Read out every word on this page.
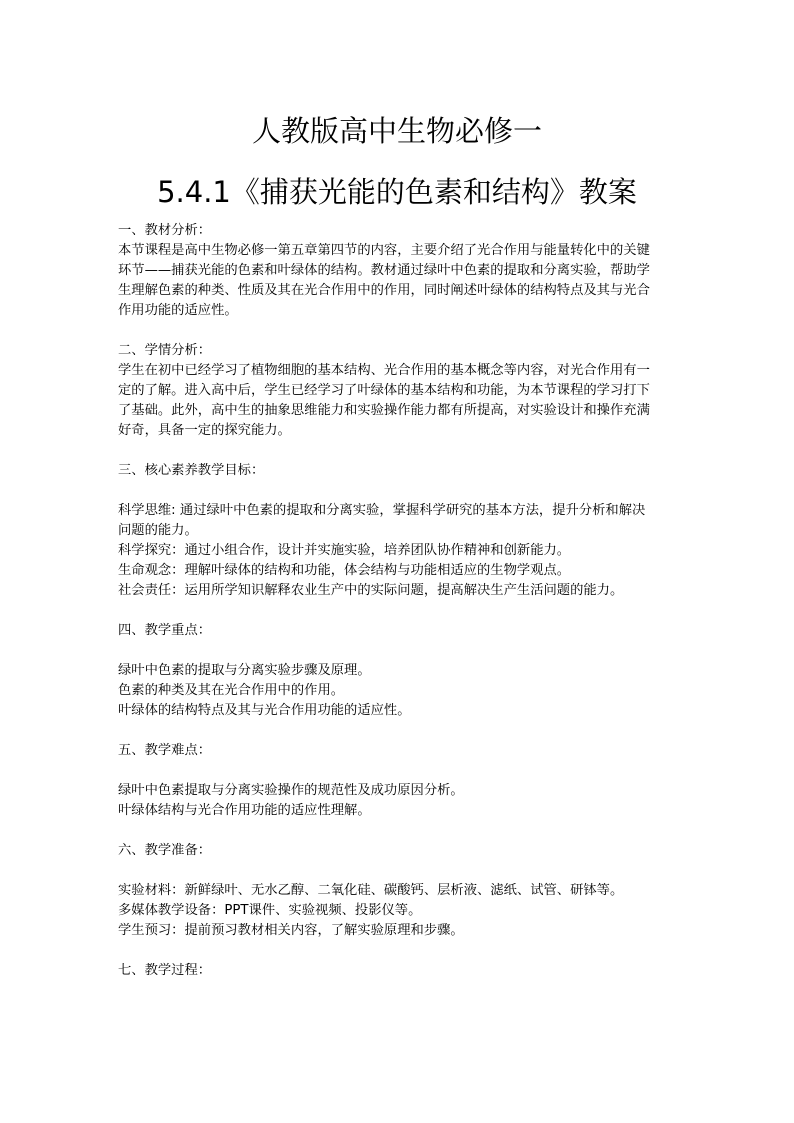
人教版高中生物必修一
5.4.1《捕获光能的色素和结构》教案
一、教材分析：
本节课程是高中生物必修一第五章第四节的内容，主要介绍了光合作用与能量转化中的关键
环节——捕获光能的色素和叶绿体的结构。教材通过绿叶中色素的提取和分离实验，帮助学
生理解色素的种类、性质及其在光合作用中的作用，同时阐述叶绿体的结构特点及其与光合
作用功能的适应性。
二、学情分析：
学生在初中已经学习了植物细胞的基本结构、光合作用的基本概念等内容，对光合作用有一
定的了解。进入高中后，学生已经学习了叶绿体的基本结构和功能，为本节课程的学习打下
了基础。此外，高中生的抽象思维能力和实验操作能力都有所提高，对实验设计和操作充满
好奇，具备一定的探究能力。
三、核心素养教学目标：
科学思维: 通过绿叶中色素的提取和分离实验，掌握科学研究的基本方法，提升分析和解决
问题的能力。
科学探究：通过小组合作，设计并实施实验，培养团队协作精神和创新能力。
生命观念：理解叶绿体的结构和功能，体会结构与功能相适应的生物学观点。
社会责任：运用所学知识解释农业生产中的实际问题，提高解决生产生活问题的能力。
四、教学重点：
绿叶中色素的提取与分离实验步骤及原理。
色素的种类及其在光合作用中的作用。
叶绿体的结构特点及其与光合作用功能的适应性。
五、教学难点：
绿叶中色素提取与分离实验操作的规范性及成功原因分析。
叶绿体结构与光合作用功能的适应性理解。
六、教学准备：
实验材料：新鲜绿叶、无水乙醇、二氧化硅、碳酸钙、层析液、滤纸、试管、研钵等。
多媒体教学设备：PPT课件、实验视频、投影仪等。
学生预习：提前预习教材相关内容，了解实验原理和步骤。
七、教学过程：
